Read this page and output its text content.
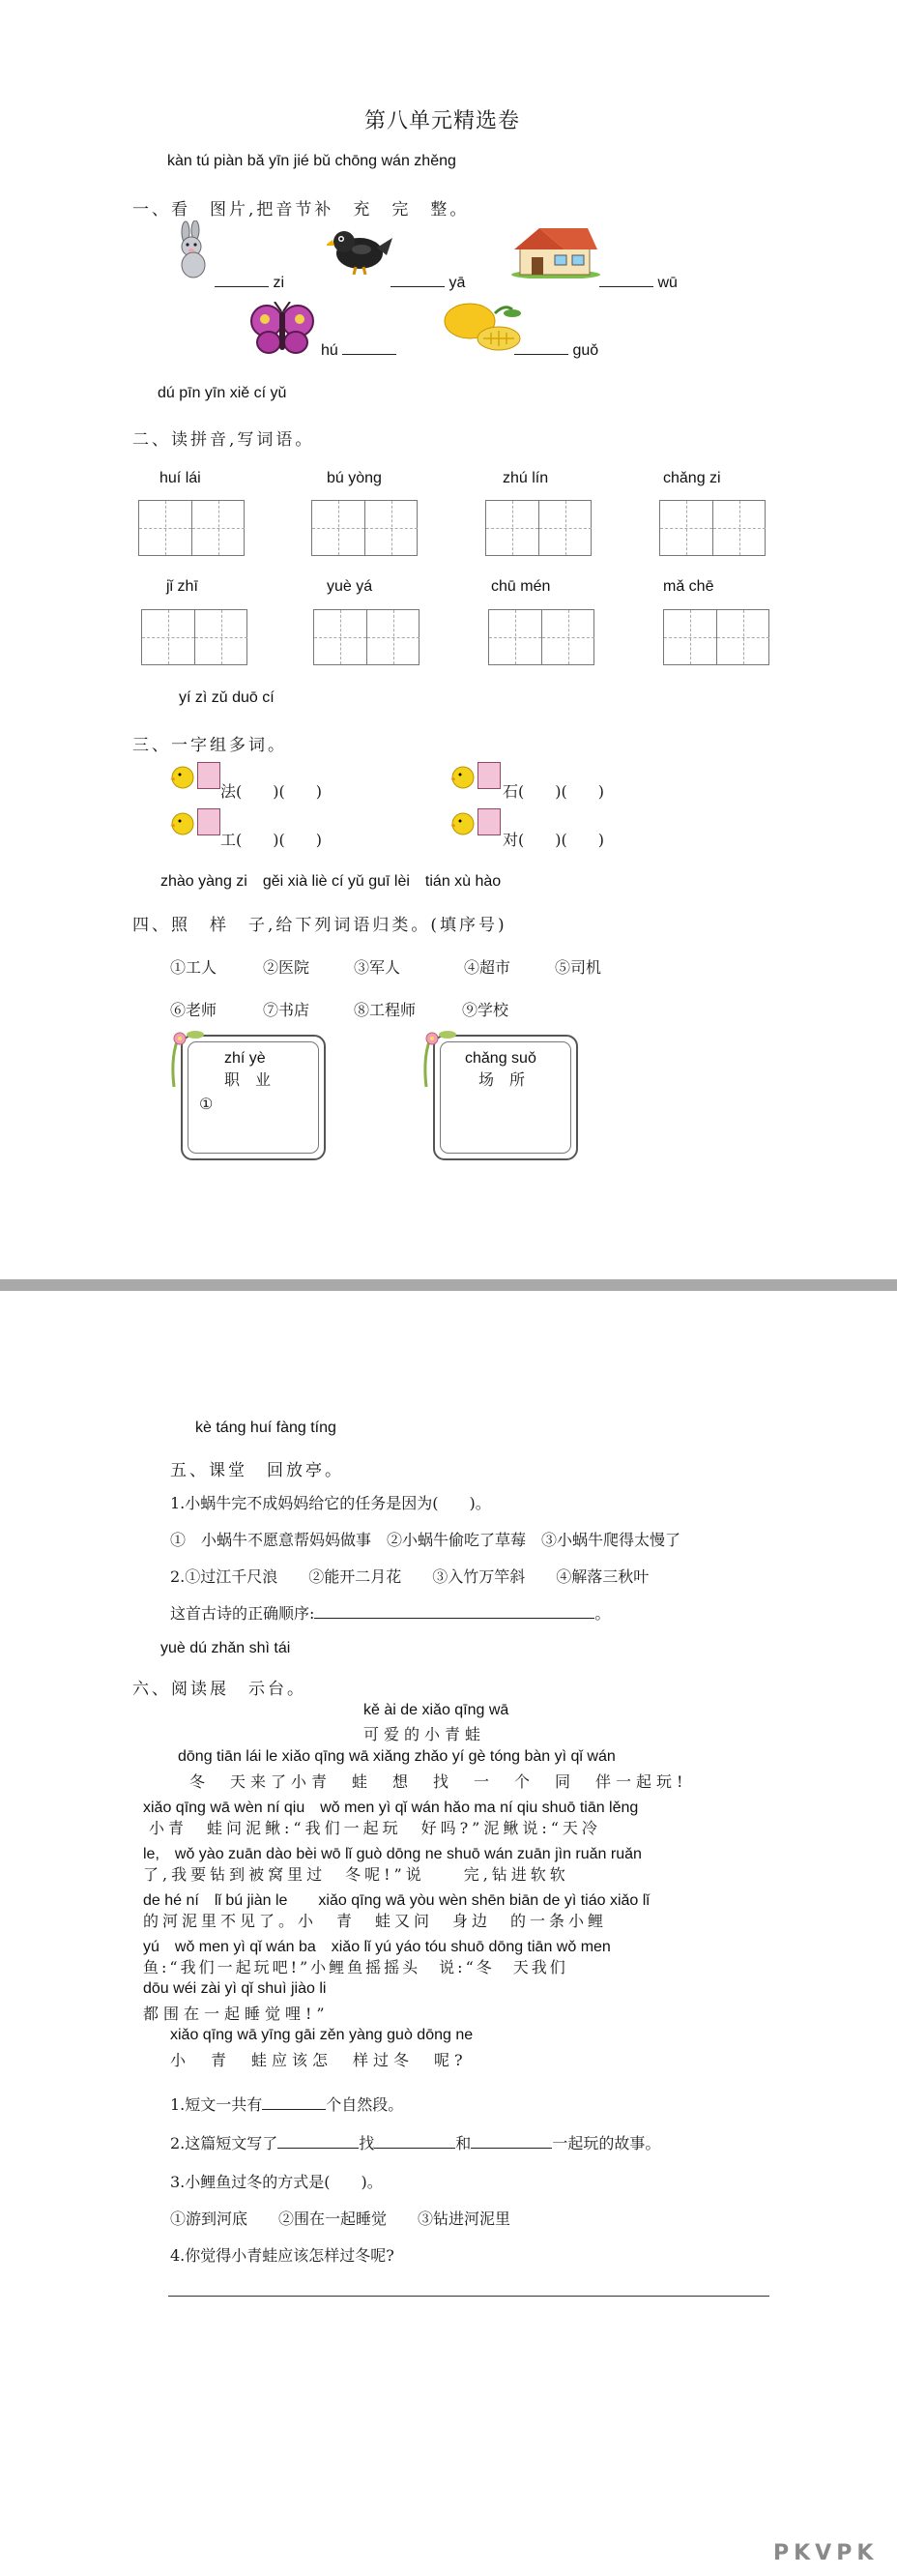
第八单元精选卷
kàn tú piàn bǎ yīn jié bǔ chōng wán zhěng
一、看　图片,把音节补　充　完　整。
zi	yā	wū
hú	guǒ
dú pīn yīn xiě cí yǔ
二、读拼音,写词语。
huí lái	bú yòng	zhú lín	chǎng zi
jǐ zhī	yuè yá	chū mén	mǎ chē
yí zì zǔ duō cí
三、一字组多词。
法(　　)(　　)	石(　　)(　　)
工(　　)(　　)	对(　　)(　　)
zhào yàng zi　gěi xià liè cí yǔ guī lèi　tián xù hào
四、照　样　子,给下列词语归类。(填序号)
①工人	②医院	③军人	④超市	⑤司机
⑥老师	⑦书店	⑧工程师	⑨学校
zhí yè
职　业
①
chǎng suǒ
场　所
kè táng huí fàng tíng
五、课堂　回放亭。
1.小蜗牛完不成妈妈给它的任务是因为(　　)。
①　小蜗牛不愿意帮妈妈做事　②小蜗牛偷吃了草莓　③小蜗牛爬得太慢了
2.①过江千尺浪　　②能开二月花　　③入竹万竿斜　　④解落三秋叶
这首古诗的正确顺序:	。
yuè dú zhǎn shì tái
六、阅读展　示台。
kě ài de xiǎo qīng wā
可爱的小青蛙
dōng tiān lái le xiǎo qīng wā xiǎng zhǎo yí gè tóng bàn yì qǐ wán
冬　天来了小青　蛙　想　找　一　个　同　伴一起玩!
xiǎo qīng wā wèn ní qiu　wǒ men yì qǐ wán hǎo ma ní qiu shuō tiān lěng
小青　蛙问泥鳅:“我们一起玩　好吗?”泥鳅说:“天冷
le,　wǒ yào zuān dào bèi wō lǐ guò dōng ne shuō wán zuān jìn ruǎn ruǎn
了,我要钻到被窝里过　冬呢!”说　　完,钻进软软
de hé ní　lǐ bú jiàn le　　xiǎo qīng wā yòu wèn shēn biān de yì tiáo xiǎo lǐ
的河泥里不见了。小　青　蛙又问　身边　的一条小鲤
yú　wǒ men yì qǐ wán ba　xiǎo lǐ yú yáo tóu shuō dōng tiān wǒ men
鱼:“我们一起玩吧!”小鲤鱼摇摇头　说:“冬　天我们
dōu wéi zài yì qǐ shuì jiào li
都围在一起睡觉哩!”
xiǎo qīng wā yīng gāi zěn yàng guò dōng ne
小　青　蛙应该怎　样过冬　呢?
1.短文一共有	个自然段。
2.这篇短文写了	找	和	一起玩的故事。
3.小鲤鱼过冬的方式是(　　)。
①游到河底　　②围在一起睡觉　　③钻进河泥里
4.你觉得小青蛙应该怎样过冬呢?
PKVPK
